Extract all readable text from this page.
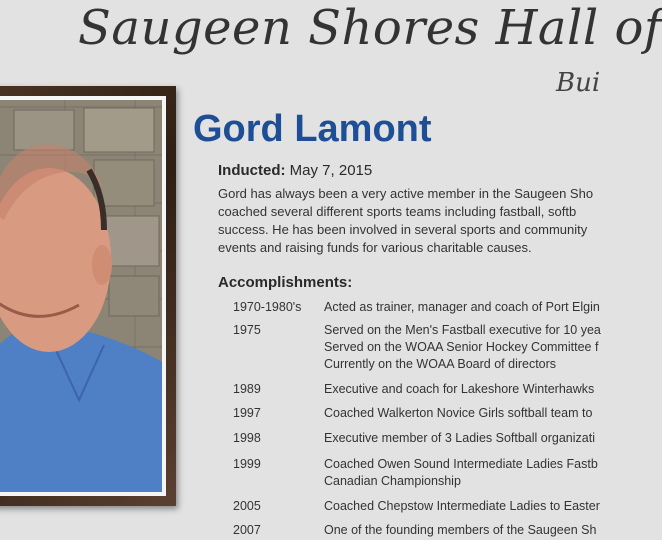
Saugeen Shores Hall of
Bui
Gord Lamont
Inducted: May 7, 2015
Gord has always been a very active member in the Saugeen Sho
coached several different sports teams including fastball, softb
success. He has been involved in several sports and community
events and raising funds for various charitable causes.
Accomplishments:
1970-1980's Acted as trainer, manager and coach of Port Elgin
1975	Served on the Men's Fastball executive for 10 yea
Served on the WOAA Senior Hockey Committee f
Currently on the WOAA Board of directors
1989	Executive and coach for Lakeshore Winterhawks
1997	Coached Walkerton Novice Girls softball team to
1998	Executive member of 3 Ladies Softball organizati
1999	Coached Owen Sound Intermediate Ladies Fastb
Canadian Championship
2005	Coached Chepstow Intermediate Ladies to Easter
2007	One of the founding members of the Saugeen Sh
